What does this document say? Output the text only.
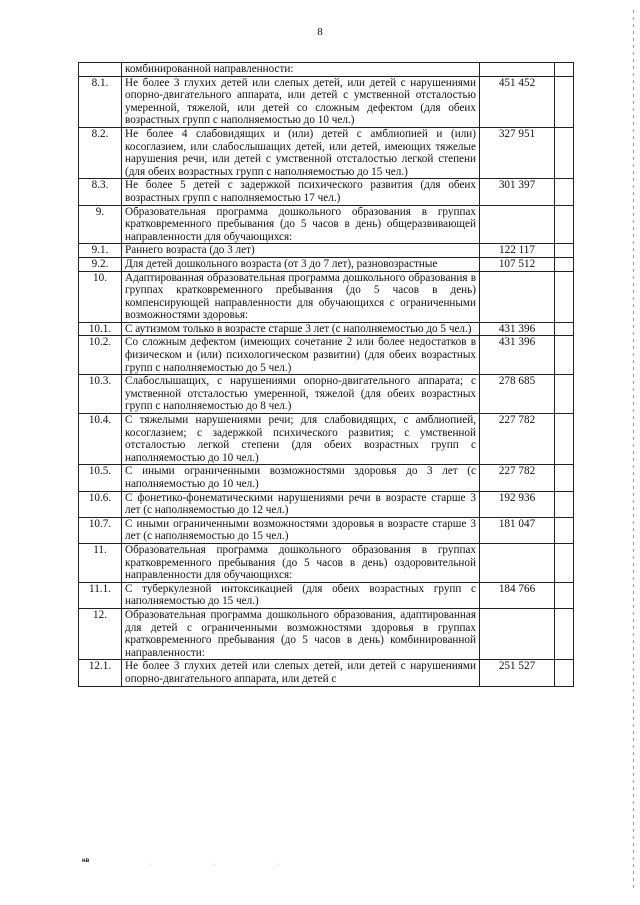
8
	комбинированной направленности:		
8.1.	Не более 3 глухих детей или слепых детей, или детей с нарушениями опорно-двигательного аппарата, или детей с умственной отсталостью умеренной, тяжелой, или детей со сложным дефектом (для обеих возрастных групп с наполняемостью до 10 чел.)	451 452	
8.2.	Не более 4 слабовидящих и (или) детей с амблиопией и (или) косоглазием, или слабослышащих детей, или детей, имеющих тяжелые нарушения речи, или детей с умственной отсталостью легкой степени (для обеих возрастных групп с наполняемостью до 15 чел.)	327 951	
8.3.	Не более 5 детей с задержкой психического развития (для обеих возрастных групп с наполняемостью 17 чел.)	301 397	
9.	Образовательная программа дошкольного образования в группах кратковременного пребывания (до 5 часов в день) общеразвивающей направленности для обучающихся:		
9.1.	Раннего возраста (до 3 лет)	122 117	
9.2.	Для детей дошкольного возраста (от 3 до 7 лет), разновозрастные	107 512	
10.	Адаптированная образовательная программа дошкольного образования в группах кратковременного пребывания (до 5 часов в день) компенсирующей направленности для обучающихся с ограниченными возможностями здоровья:		
10.1.	С аутизмом только в возрасте старше 3 лет (с наполняемостью до 5 чел.)	431 396	
10.2.	Со сложным дефектом (имеющих сочетание 2 или более недостатков в физическом и (или) психологическом развитии) (для обеих возрастных групп с наполняемостью до 5 чел.)	431 396	
10.3.	Слабослышащих, с нарушениями опорно-двигательного аппарата; с умственной отсталостью умеренной, тяжелой (для обеих возрастных групп с наполняемостью до 8 чел.)	278 685	
10.4.	С тяжелыми нарушениями речи; для слабовидящих, с амблиопией, косоглазием; с задержкой психического развития; с умственной отсталостью легкой степени (для обеих возрастных групп с наполняемостью до 10 чел.)	227 782	
10.5.	С иными ограниченными возможностями здоровья до 3 лет (с наполняемостью до 10 чел.)	227 782	
10.6.	С фонетико-фонематическими нарушениями речи в возрасте старше 3 лет (с наполняемостью до 12 чел.)	192 936	
10.7.	С иными ограниченными возможностями здоровья в возрасте старше 3 лет (с наполняемостью до 15 чел.)	181 047	
11.	Образовательная программа дошкольного образования в группах кратковременного пребывания (до 5 часов в день) оздоровительной направленности для обучающихся:		
11.1.	С туберкулезной интоксикацией (для обеих возрастных групп с наполняемостью до 15 чел.)	184 766	
12.	Образовательная программа дошкольного образования, адаптированная для детей с ограниченными возможностями здоровья в группах кратковременного пребывания (до 5 часов в день) комбинированной направленности:		
12.1.	Не более 3 глухих детей или слепых детей, или детей с нарушениями опорно-двигательного аппарата, или детей с	251 527	
нв
· · ·
